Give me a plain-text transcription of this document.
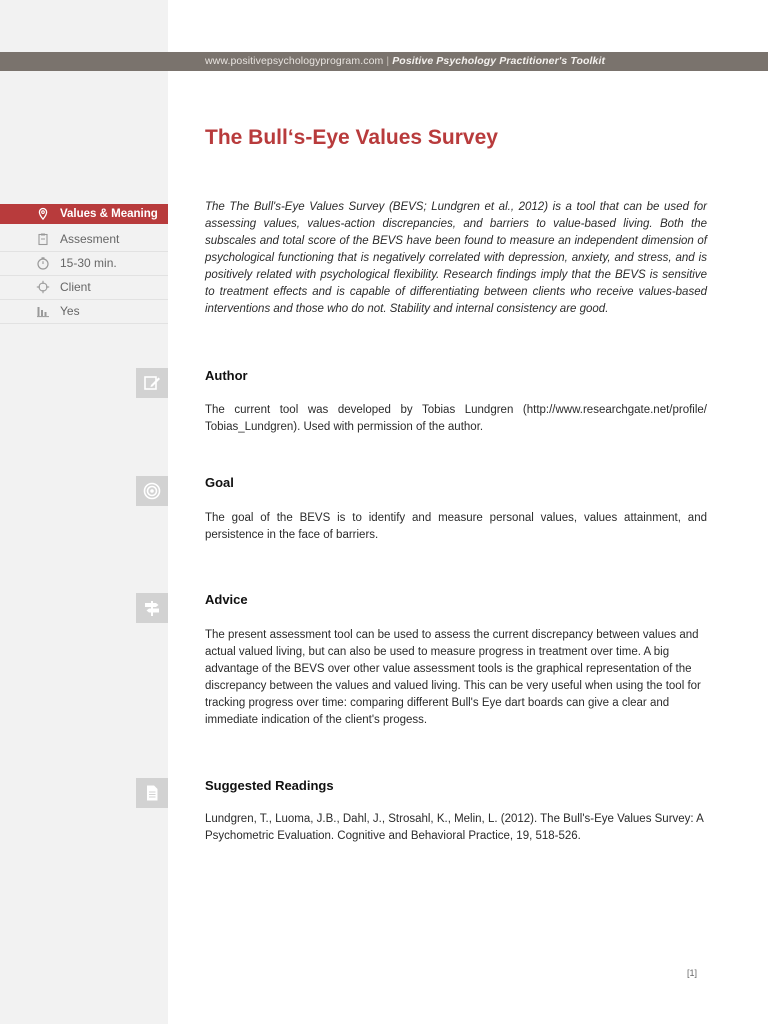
www.positivepsychologyprogram.com | Positive Psychology Practitioner's Toolkit
The Bull‘s-Eye Values Survey

The The Bull's-Eye Values Survey (BEVS; Lundgren et al., 2012) is a tool that can be used for assessing values, values-action discrepancies, and barriers to value-based living. Both the subscales and total score of the BEVS have been found to measure an independent dimension of psychological functioning that is negatively correlated with depression, anxiety, and stress, and is positively related with psychological flexibility. Research findings imply that the BEVS is sensitive to treatment effects and is capable of differentiating between clients who receive values-based interventions and those who do not. Stability and internal consistency are good.

Values & Meaning
Assesment
15-30 min.
Client
Yes
Author

The current tool was developed by Tobias Lundgren (http://www.researchgate.net/profile/ Tobias_Lundgren). Used with permission of the author.

Goal

The goal of the BEVS is to identify and measure personal values, values attainment, and persistence in the face of barriers.

Advice

The present assessment tool can be used to assess the current discrepancy between values and actual valued living, but can also be used to measure progress in treatment over time. A big advantage of the BEVS over other value assessment tools is the graphical representation of the discrepancy between the values and valued living. This can be very useful when using the tool for tracking progress over time: comparing different Bull's Eye dart boards can give a clear and immediate indication of the client's progess.

Suggested Readings

Lundgren, T., Luoma, J.B., Dahl, J., Strosahl, K., Melin, L. (2012). The Bull's-Eye Values Survey: A Psychometric Evaluation. Cognitive and Behavioral Practice, 19, 518-526.

[1]
